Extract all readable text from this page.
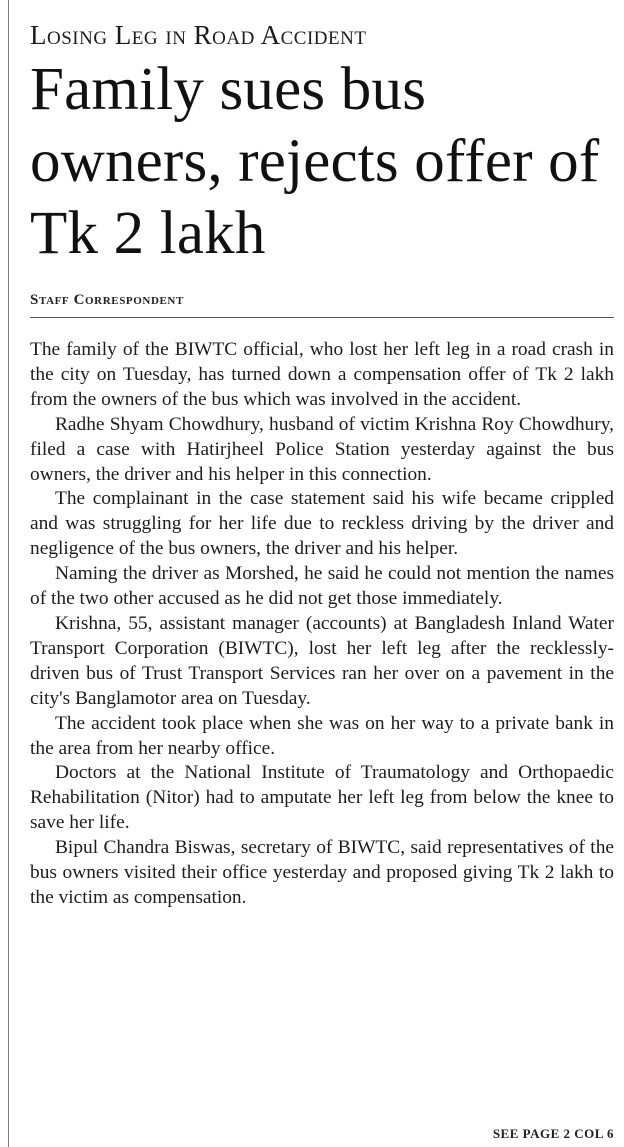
Losing Leg in Road Accident
Family sues bus owners, rejects offer of Tk 2 lakh
Staff Correspondent

The family of the BIWTC official, who lost her left leg in a road crash in the city on Tuesday, has turned down a compensation offer of Tk 2 lakh from the owners of the bus which was involved in the accident.

Radhe Shyam Chowdhury, husband of victim Krishna Roy Chowdhury, filed a case with Hatirjheel Police Station yesterday against the bus owners, the driver and his helper in this connection.

The complainant in the case statement said his wife became crippled and was struggling for her life due to reckless driving by the driver and negligence of the bus owners, the driver and his helper.

Naming the driver as Morshed, he said he could not mention the names of the two other accused as he did not get those immediately.

Krishna, 55, assistant manager (accounts) at Bangladesh Inland Water Transport Corporation (BIWTC), lost her left leg after the recklessly-driven bus of Trust Transport Services ran her over on a pavement in the city's Banglamotor area on Tuesday.

The accident took place when she was on her way to a private bank in the area from her nearby office.

Doctors at the National Institute of Traumatology and Orthopaedic Rehabilitation (Nitor) had to amputate her left leg from below the knee to save her life.

Bipul Chandra Biswas, secretary of BIWTC, said representatives of the bus owners visited their office yesterday and proposed giving Tk 2 lakh to the victim as compensation.

SEE PAGE 2 COL 6
